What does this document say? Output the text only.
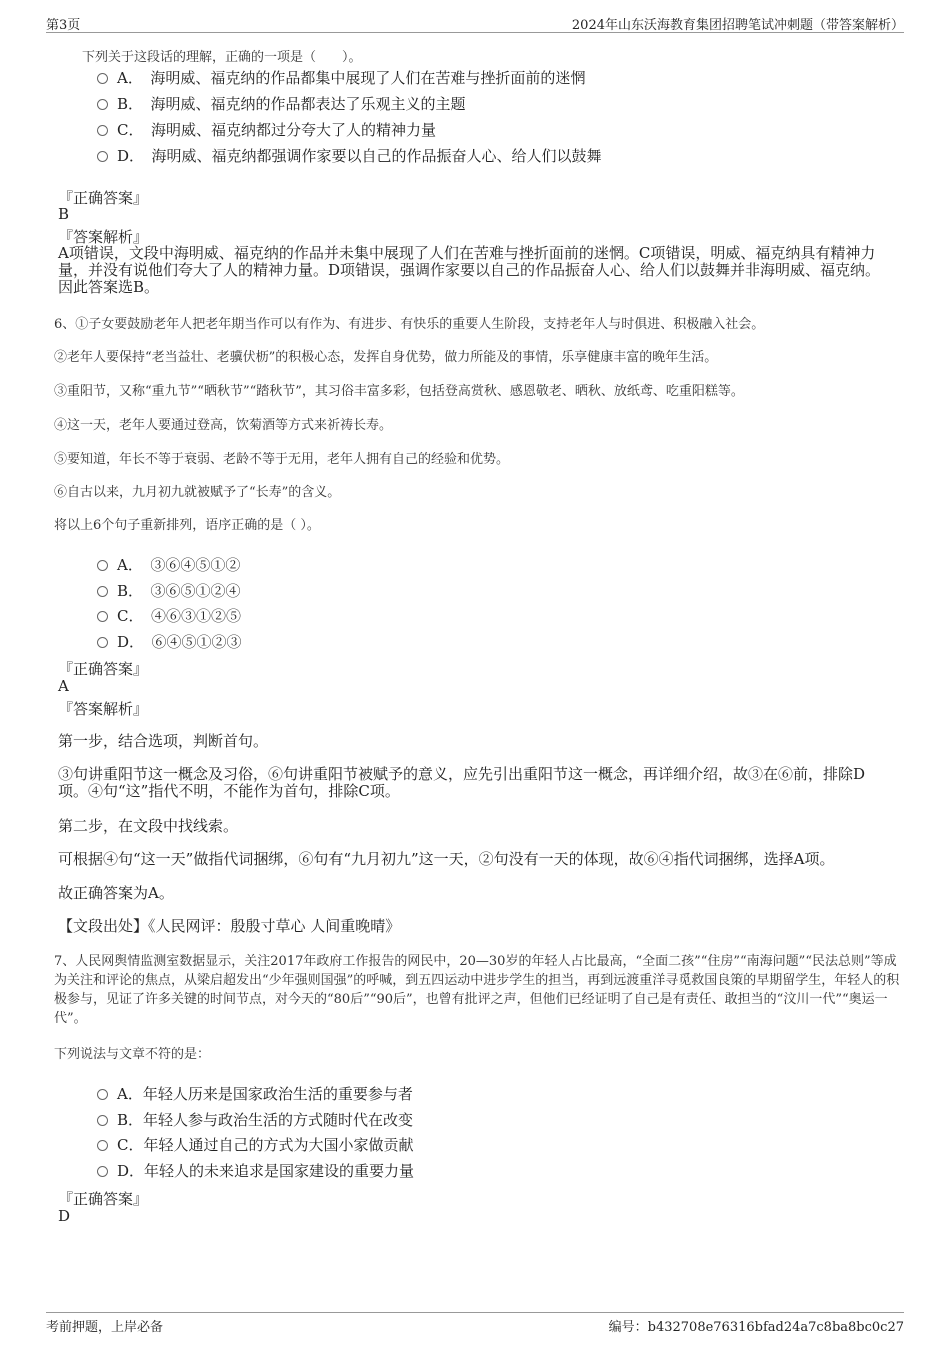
第3页	2024年山东沃海教育集团招聘笔试冲刺题（带答案解析）
下列关于这段话的理解，正确的一项是（　　）。
A．　海明威、福克纳的作品都集中展现了人们在苦难与挫折面前的迷惘
B．　海明威、福克纳的作品都表达了乐观主义的主题
C．　海明威、福克纳都过分夸大了人的精神力量
D．　海明威、福克纳都强调作家要以自己的作品振奋人心、给人们以鼓舞
『正确答案』
B
『答案解析』
A项错误，文段中海明威、福克纳的作品并未集中展现了人们在苦难与挫折面前的迷惘。C项错误，明威、福克纳具有精神力量，并没有说他们夸大了人的精神力量。D项错误，强调作家要以自己的作品振奋人心、给人们以鼓舞并非海明威、福克纳。因此答案选B。
6、①子女要鼓励老年人把老年期当作可以有作为、有进步、有快乐的重要人生阶段，支持老年人与时俱进、积极融入社会。
②老年人要保持“老当益壮、老骥伏枥”的积极心态，发挥自身优势，做力所能及的事情，乐享健康丰富的晚年生活。
③重阳节，又称“重九节”“晒秋节”“踏秋节”，其习俗丰富多彩，包括登高赏秋、感恩敬老、晒秋、放纸鸢、吃重阳糕等。
④这一天，老年人要通过登高，饮菊酒等方式来祈祷长寿。
⑤要知道，年长不等于衰弱、老龄不等于无用，老年人拥有自己的经验和优势。
⑥自古以来，九月初九就被赋予了“长寿”的含义。
将以上6个句子重新排列，语序正确的是（ ）。
A．　③⑥④⑤①②
B．　③⑥⑤①②④
C．　④⑥③①②⑤
D．　⑥④⑤①②③
『正确答案』
A
『答案解析』
第一步，结合选项，判断首句。
③句讲重阳节这一概念及习俗，⑥句讲重阳节被赋予的意义，应先引出重阳节这一概念，再详细介绍，故③在⑥前，排除D项。④句“这”指代不明，不能作为首句，排除C项。
第二步，在文段中找线索。
可根据④句“这一天”做指代词捆绑，⑥句有“九月初九”这一天，②句没有一天的体现，故⑥④指代词捆绑，选择A项。
故正确答案为A。
【文段出处】《人民网评：殷殷寸草心 人间重晚晴》
7、人民网舆情监测室数据显示，关注2017年政府工作报告的网民中，20—30岁的年轻人占比最高，“全面二孩”“住房”“南海问题”“民法总则”等成为关注和评论的焦点，从梁启超发出“少年强则国强”的呼喊，到五四运动中进步学生的担当，再到远渡重洋寻觅救国良策的早期留学生，年轻人的积极参与，见证了许多关键的时间节点，对今天的“80后”“90后”，也曾有批评之声，但他们已经证明了自己是有责任、敢担当的“汶川一代”“奥运一代”。
下列说法与文章不符的是：
A．年轻人历来是国家政治生活的重要参与者
B．年轻人参与政治生活的方式随时代在改变
C．年轻人通过自己的方式为大国小家做贡献
D．年轻人的未来追求是国家建设的重要力量
『正确答案』
D
考前押题，上岸必备	编号：b432708e76316bfad24a7c8ba8bc0c27
